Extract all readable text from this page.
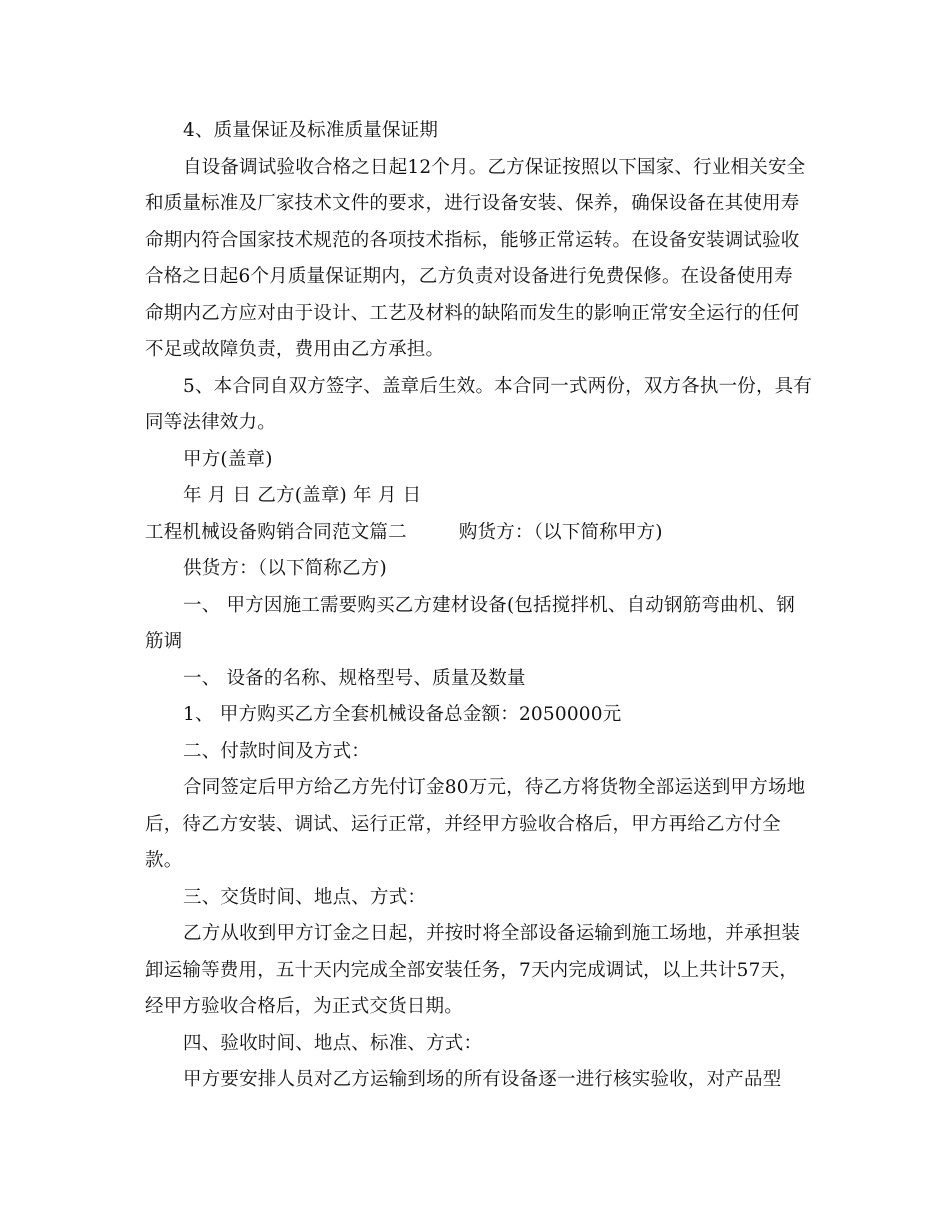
4、质量保证及标准质量保证期
自设备调试验收合格之日起12个月。乙方保证按照以下国家、行业相关安全
和质量标准及厂家技术文件的要求，进行设备安装、保养，确保设备在其使用寿
命期内符合国家技术规范的各项技术指标，能够正常运转。在设备安装调试验收
合格之日起6个月质量保证期内，乙方负责对设备进行免费保修。在设备使用寿
命期内乙方应对由于设计、工艺及材料的缺陷而发生的影响正常安全运行的任何
不足或故障负责，费用由乙方承担。
5、本合同自双方签字、盖章后生效。本合同一式两份，双方各执一份，具有
同等法律效力。
甲方(盖章)
年 月 日 乙方(盖章) 年 月 日
工程机械设备购销合同范文篇二	购货方：（以下简称甲方)
供货方：（以下简称乙方)
一、 甲方因施工需要购买乙方建材设备(包括搅拌机、自动钢筋弯曲机、钢
筋调
一、 设备的名称、规格型号、质量及数量
1、 甲方购买乙方全套机械设备总金额：2050000元
二、付款时间及方式：
合同签定后甲方给乙方先付订金80万元，待乙方将货物全部运送到甲方场地
后，待乙方安装、调试、运行正常，并经甲方验收合格后，甲方再给乙方付全
款。
三、交货时间、地点、方式：
乙方从收到甲方订金之日起，并按时将全部设备运输到施工场地，并承担装
卸运输等费用，五十天内完成全部安装任务，7天内完成调试，以上共计57天，
经甲方验收合格后，为正式交货日期。
四、验收时间、地点、标准、方式：
甲方要安排人员对乙方运输到场的所有设备逐一进行核实验收，对产品型
